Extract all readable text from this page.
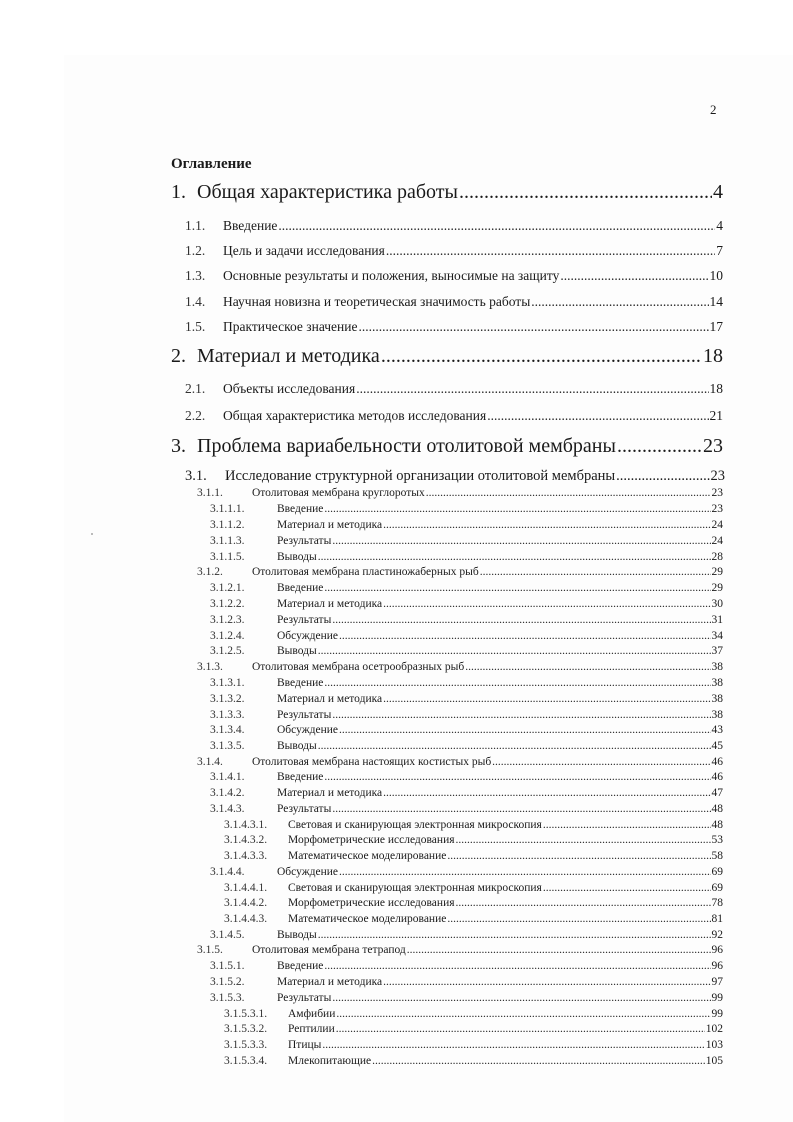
2
Оглавление
1. Общая характеристика работы .....	4
1.1.	Введение .....	4
1.2.	Цель и задачи исследования .....	7
1.3.	Основные результаты и положения, выносимые на защиту .....	10
1.4.	Научная новизна и теоретическая значимость работы .....	14
1.5.	Практическое значение .....	17
2. Материал и методика .....	18
2.1.	Объекты исследования .....	18
2.2.	Общая характеристика методов исследования .....	21
3. Проблема вариабельности отолитовой мембраны .....	23
3.1.	Исследование структурной организации отолитовой мембраны .....	23
3.1.1.	Отолитовая мембрана круглоротых .....	23
3.1.1.1.	Введение .....	23
3.1.1.2.	Материал и методика .....	24
3.1.1.3.	Результаты .....	24
3.1.1.5.	Выводы .....	28
3.1.2.	Отолитовая мембрана пластиножаберных рыб .....	29
3.1.2.1.	Введение .....	29
3.1.2.2.	Материал и методика .....	30
3.1.2.3.	Результаты .....	31
3.1.2.4.	Обсуждение .....	34
3.1.2.5.	Выводы .....	37
3.1.3.	Отолитовая мембрана осетрообразных рыб .....	38
3.1.3.1.	Введение .....	38
3.1.3.2.	Материал и методика .....	38
3.1.3.3.	Результаты .....	38
3.1.3.4.	Обсуждение .....	43
3.1.3.5.	Выводы .....	45
3.1.4.	Отолитовая мембрана настоящих костистых рыб .....	46
3.1.4.1.	Введение .....	46
3.1.4.2.	Материал и методика .....	47
3.1.4.3.	Результаты .....	48
3.1.4.3.1.	Световая и сканирующая электронная микроскопия .....	48
3.1.4.3.2.	Морфометрические исследования .....	53
3.1.4.3.3.	Математическое моделирование .....	58
3.1.4.4.	Обсуждение .....	69
3.1.4.4.1.	Световая и сканирующая электронная микроскопия .....	69
3.1.4.4.2.	Морфометрические исследования .....	78
3.1.4.4.3.	Математическое моделирование .....	81
3.1.4.5.	Выводы .....	92
3.1.5.	Отолитовая мембрана тетрапод .....	96
3.1.5.1.	Введение .....	96
3.1.5.2.	Материал и методика .....	97
3.1.5.3.	Результаты .....	99
3.1.5.3.1.	Амфибии .....	99
3.1.5.3.2.	Рептилии .....	102
3.1.5.3.3.	Птицы .....	103
3.1.5.3.4.	Млекопитающие .....	105
